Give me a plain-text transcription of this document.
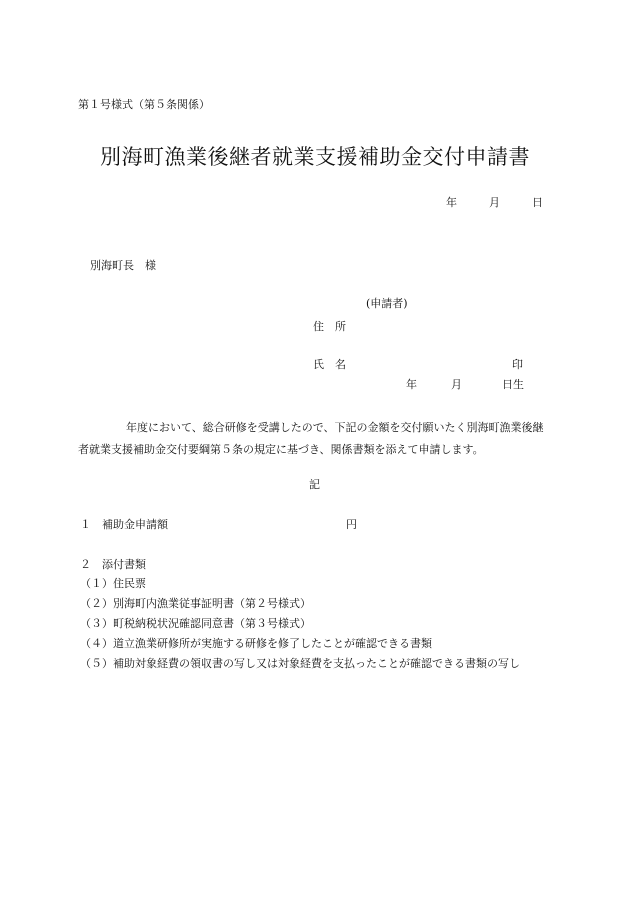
第１号様式（第５条関係）
別海町漁業後継者就業支援補助金交付申請書
年	月	日
別海町長　様
(申請者)
住　所
氏　名	印
年	月	日生
年度において、総合研修を受講したので、下記の金額を交付願いたく別海町漁業後継者就業支援補助金交付要綱第５条の規定に基づき、関係書類を添えて申請します。
記
１ 補助金申請額	円
２ 添付書類
（１）住民票
（２）別海町内漁業従事証明書（第２号様式）
（３）町税納税状況確認同意書（第３号様式）
（４）道立漁業研修所が実施する研修を修了したことが確認できる書類
（５）補助対象経費の領収書の写し又は対象経費を支払ったことが確認できる書類の写し
